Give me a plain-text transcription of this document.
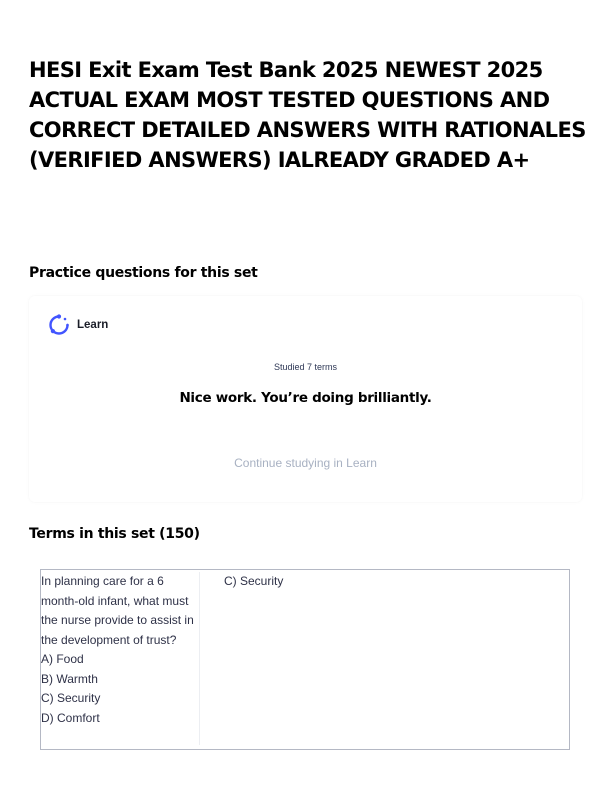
HESI Exit Exam Test Bank 2025 NEWEST 2025 ACTUAL EXAM MOST TESTED QUESTIONS AND CORRECT DETAILED ANSWERS WITH RATIONALES (VERIFIED ANSWERS) IALREADY GRADED A+
Practice questions for this set
Learn
Studied 7 terms
Nice work. You’re doing brilliantly.
Continue studying in Learn
Terms in this set (150)

In planning care for a 6 month-old infant, what must the nurse provide to assist in the development of trust?

A) Food

B) Warmth

C) Security

D) Comfort

C) Security
